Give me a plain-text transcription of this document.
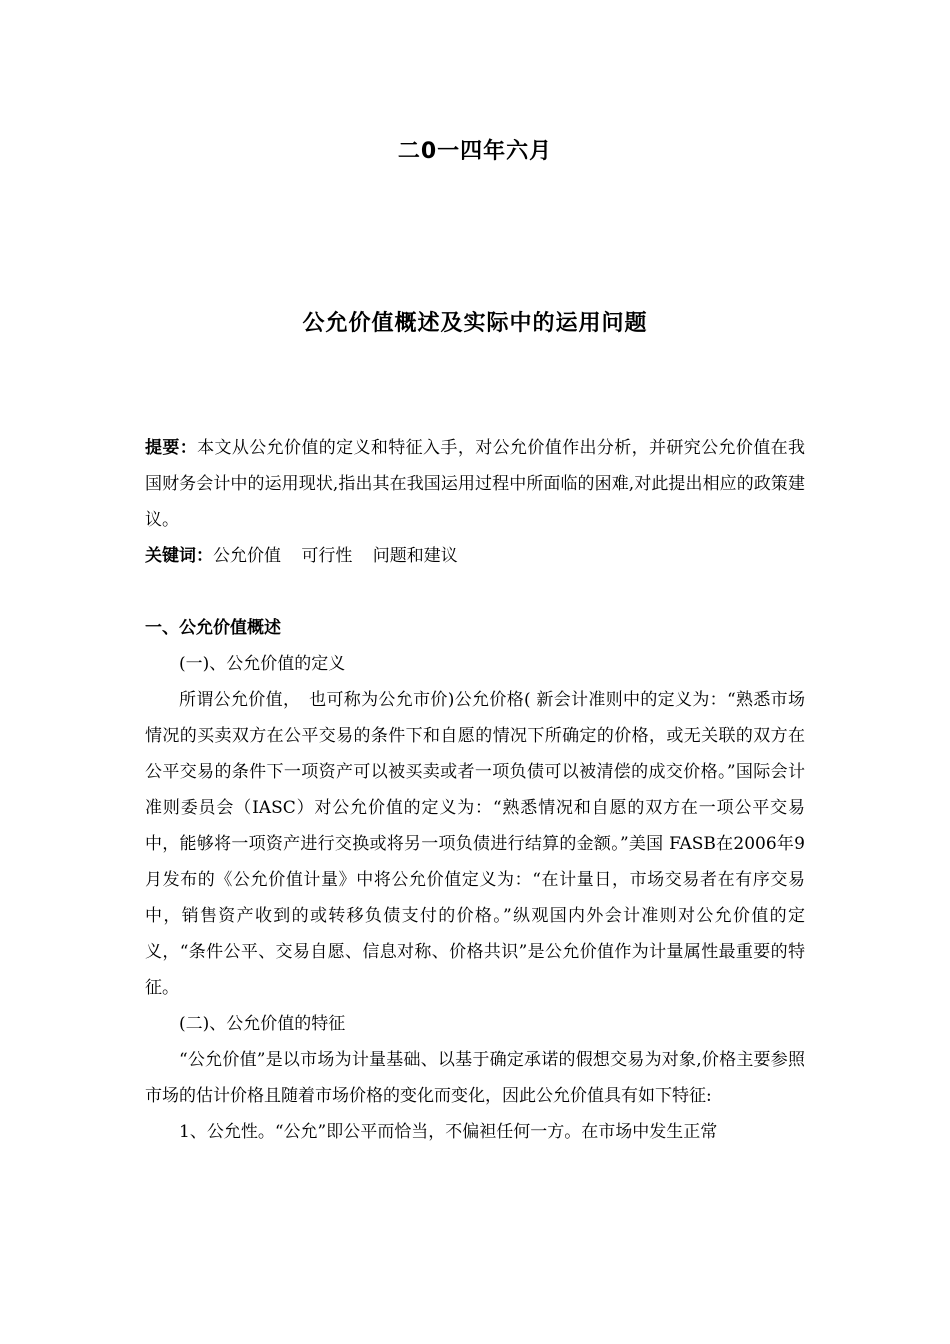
二0一四年六月
公允价值概述及实际中的运用问题

提要：本文从公允价值的定义和特征入手，对公允价值作出分析，并研究公允价值在我国财务会计中的运用现状,指出其在我国运用过程中所面临的困难,对此提出相应的政策建议。

关键词：公允价值 可行性 问题和建议

一、公允价值概述

(一)、公允价值的定义

所谓公允价值，　也可称为公允市价)公允价格( 新会计准则中的定义为：“熟悉市场情况的买卖双方在公平交易的条件下和自愿的情况下所确定的价格，或无关联的双方在公平交易的条件下一项资产可以被买卖或者一项负债可以被清偿的成交价格。”国际会计准则委员会（IASC）对公允价值的定义为：“熟悉情况和自愿的双方在一项公平交易中，能够将一项资产进行交换或将另一项负债进行结算的金额。”美国 FASB在2006年9月发布的《公允价值计量》中将公允价值定义为：“在计量日，市场交易者在有序交易中，销售资产收到的或转移负债支付的价格。”纵观国内外会计准则对公允价值的定义，“条件公平、交易自愿、信息对称、价格共识”是公允价值作为计量属性最重要的特征。

(二)、公允价值的特征

“公允价值”是以市场为计量基础、以基于确定承诺的假想交易为对象,价格主要参照市场的估计价格且随着市场价格的变化而变化，因此公允价值具有如下特征:

1、公允性。“公允”即公平而恰当，不偏袒任何一方。在市场中发生正常
